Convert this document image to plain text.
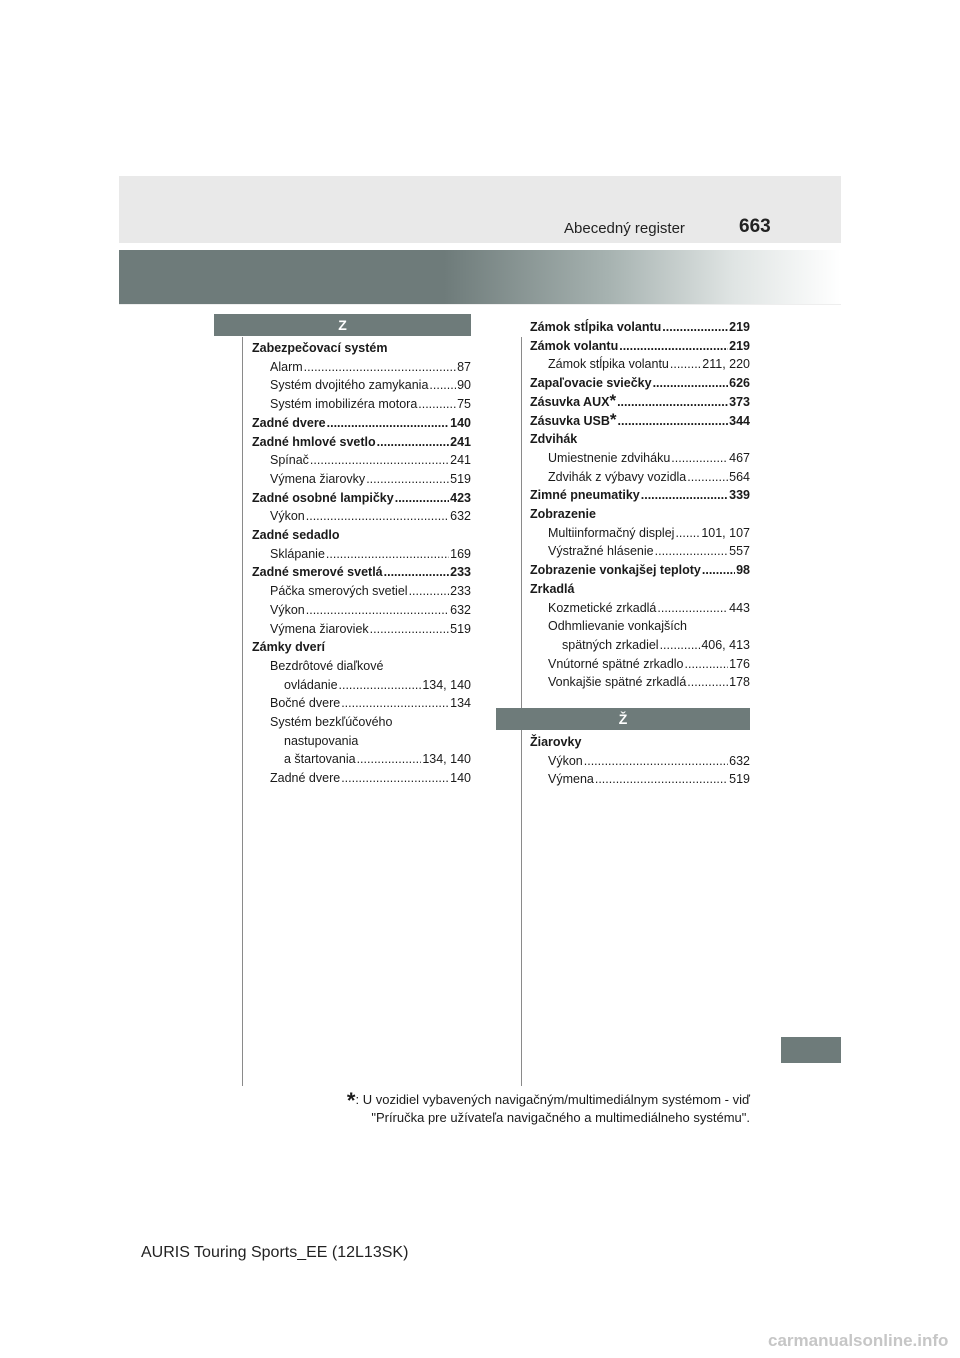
Abecedný register	663
Z
Zabezpečovací systém
Alarm .....	87
Systém dvojitého zamykania ..... 90
Systém imobilizéra motora .....	75
Zadné dvere .....	140
Zadné hmlové svetlo .....	241
Spínač .....	241
Výmena žiarovky .....	519
Zadné osobné lampičky .....	423
Výkon .....	632
Zadné sedadlo
Sklápanie .....	169
Zadné smerové svetlá .....	233
Páčka smerových svetiel .....	233
Výkon .....	632
Výmena žiaroviek .....	519
Zámky dverí
Bezdrôtové diaľkové
ovládanie .....	134, 140
Bočné dvere .....	134
Systém bezkľúčového
nastupovania
a štartovania .....	134, 140
Zadné dvere .....	140
Zámok stĺpika volantu .....	219
Zámok volantu .....	219
Zámok stĺpika volantu .....	211, 220
Zapaľovacie sviečky .....	626
Zásuvka AUX * .....	373
Zásuvka USB * .....	344
Zdvihák
Umiestnenie zdviháku .....	467
Zdvihák z výbavy vozidla .....	564
Zimné pneumatiky .....	339
Zobrazenie
Multiinformačný displej ..... 101, 107
Výstražné hlásenie .....	557
Zobrazenie vonkajšej teploty .....	98
Zrkadlá
Kozmetické zrkadlá .....	443
Odhmlievanie vonkajších
spätných zrkadiel .....	406, 413
Vnútorné spätné zrkadlo .....	176
Vonkajšie spätné zrkadlá .....	178
Ž
Žiarovky
Výkon .....	632
Výmena .....	519
*: U vozidiel vybavených navigačným/multimediálnym systémom - viď
"Príručka pre užívateľa navigačného a multimediálneho systému".
AURIS Touring Sports_EE (12L13SK)
carmanualsonline.info
